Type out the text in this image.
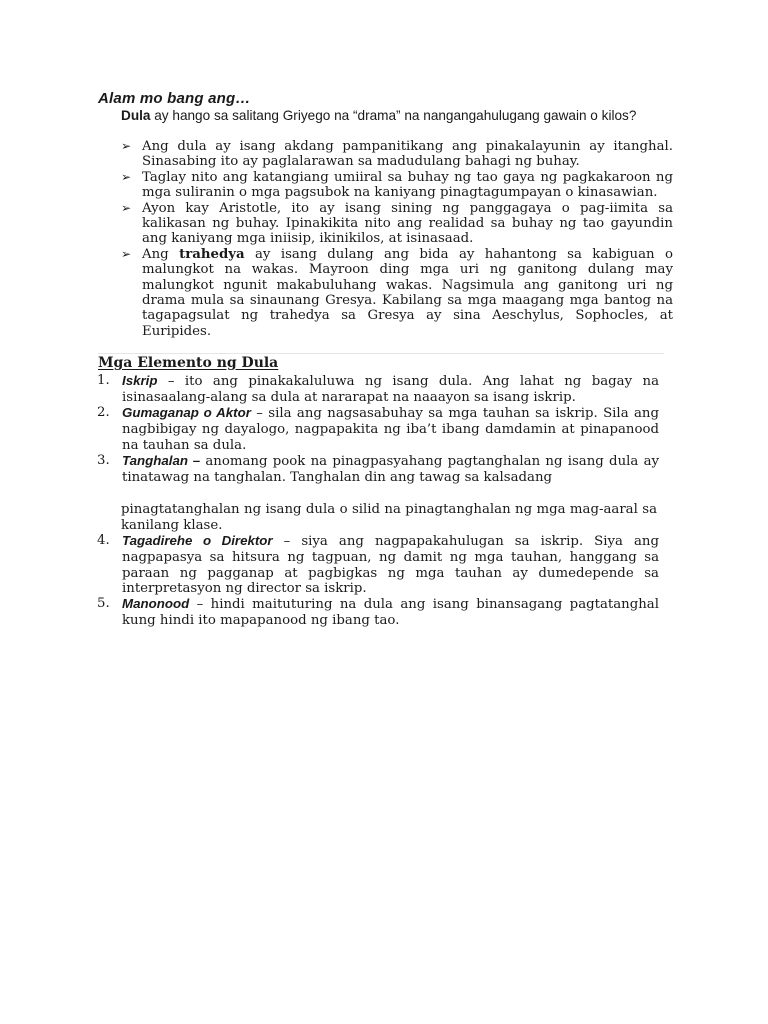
Alam mo bang ang…
Dula ay hango sa salitang Griyego na “drama” na nangangahulugang gawain o kilos?
➢ Ang dula ay isang akdang pampanitikang ang pinakalayunin ay itanghal. Sinasabing ito ay paglalarawan sa madudulang bahagi ng buhay.
➢ Taglay nito ang katangiang umiiral sa buhay ng tao gaya ng pagkakaroon ng mga suliranin o mga pagsubok na kaniyang pinagtagumpayan o kinasawian.
➢ Ayon kay Aristotle, ito ay isang sining ng panggagaya o pag-iimita sa kalikasan ng buhay. Ipinakikita nito ang realidad sa buhay ng tao gayundin ang kaniyang mga iniisip, ikinikilos, at isinasaad.
➢ Ang trahedya ay isang dulang ang bida ay hahantong sa kabiguan o malungkot na wakas. Mayroon ding mga uri ng ganitong dulang may malungkot ngunit makabuluhang wakas. Nagsimula ang ganitong uri ng drama mula sa sinaunang Gresya. Kabilang sa mga maagang mga bantog na tagapagsulat ng trahedya sa Gresya ay sina Aeschylus, Sophocles, at Euripides.
Mga Elemento ng Dula
1. Iskrip – ito ang pinakakaluluwa ng isang dula. Ang lahat ng bagay na isinasaalang-alang sa dula at nararapat na naaayon sa isang iskrip.
2. Gumaganap o Aktor – sila ang nagsasabuhay sa mga tauhan sa iskrip. Sila ang nagbibigay ng dayalogo, nagpapakita ng iba’t ibang damdamin at pinapanood na tauhan sa dula.
3. Tanghalan – anomang pook na pinagpasyahang pagtanghalan ng isang dula ay tinatawag na tanghalan. Tanghalan din ang tawag sa kalsadang
pinagtatanghalan ng isang dula o silid na pinagtanghalan ng mga mag-aaral sa kanilang klase.
4. Tagadirehe o Direktor – siya ang nagpapakahulugan sa iskrip. Siya ang nagpapasya sa hitsura ng tagpuan, ng damit ng mga tauhan, hanggang sa paraan ng pagganap at pagbigkas ng mga tauhan ay dumedepende sa interpretasyon ng director sa iskrip.
5. Manonood – hindi maituturing na dula ang isang binansagang pagtatanghal kung hindi ito mapapanood ng ibang tao.
